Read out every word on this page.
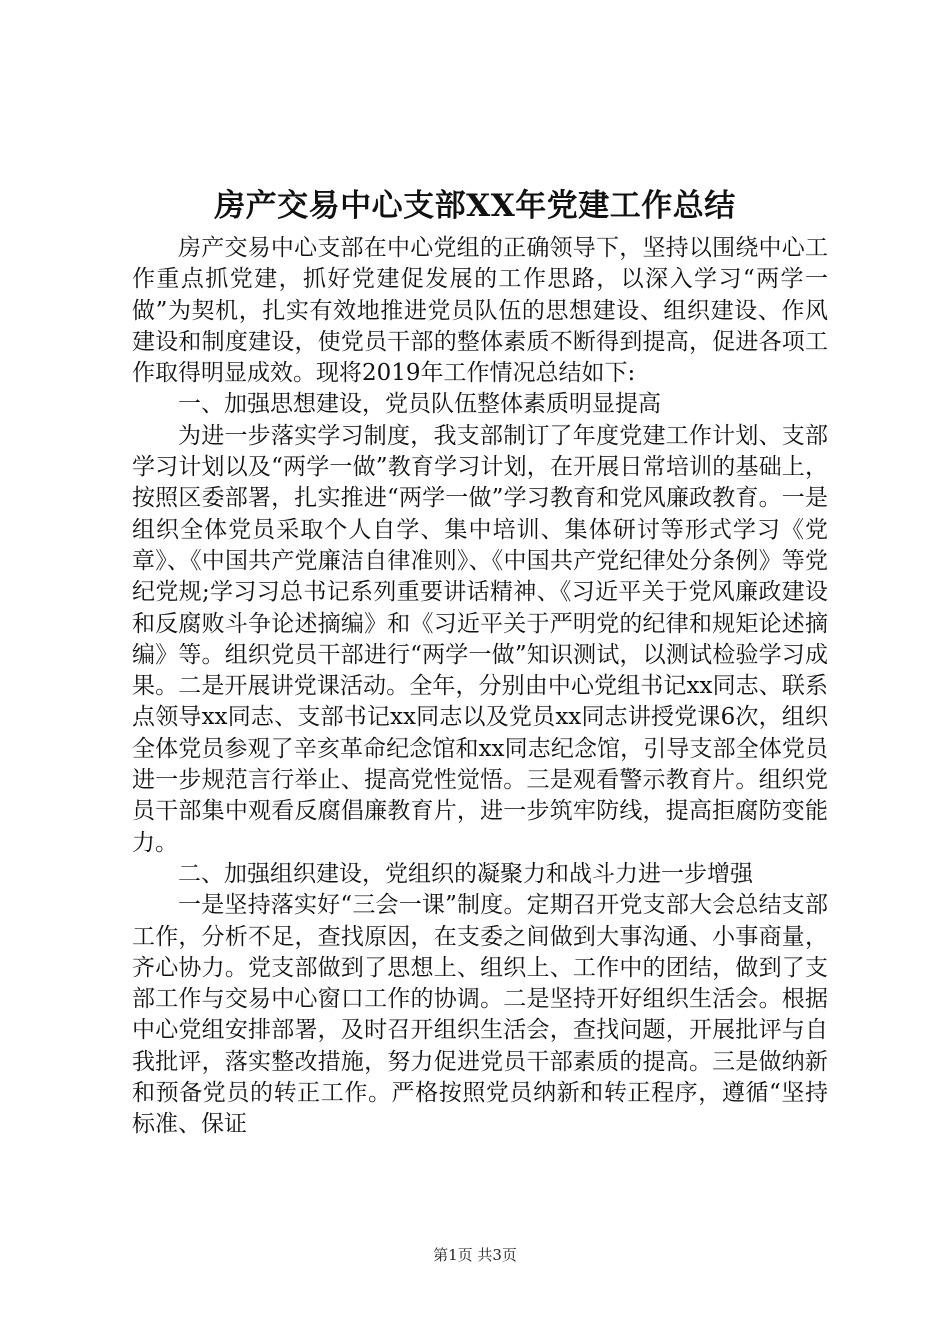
房产交易中心支部XX年党建工作总结

房产交易中心支部在中心党组的正确领导下，坚持以围绕中心工作重点抓党建，抓好党建促发展的工作思路，以深入学习“两学一做”为契机，扎实有效地推进党员队伍的思想建设、组织建设、作风建设和制度建设，使党员干部的整体素质不断得到提高，促进各项工作取得明显成效。现将2019年工作情况总结如下:

一、加强思想建设，党员队伍整体素质明显提高

为进一步落实学习制度，我支部制订了年度党建工作计划、支部学习计划以及“两学一做”教育学习计划，在开展日常培训的基础上，按照区委部署，扎实推进“两学一做”学习教育和党风廉政教育。一是组织全体党员采取个人自学、集中培训、集体研讨等形式学习《党章》、《中国共产党廉洁自律准则》、《中国共产党纪律处分条例》等党纪党规;学习习总书记系列重要讲话精神、《习近平关于党风廉政建设和反腐败斗争论述摘编》和《习近平关于严明党的纪律和规矩论述摘编》等。组织党员干部进行“两学一做”知识测试，以测试检验学习成果。二是开展讲党课活动。全年，分别由中心党组书记xx同志、联系点领导xx同志、支部书记xx同志以及党员xx同志讲授党课6次，组织全体党员参观了辛亥革命纪念馆和xx同志纪念馆，引导支部全体党员进一步规范言行举止、提高党性觉悟。三是观看警示教育片。组织党员干部集中观看反腐倡廉教育片，进一步筑牢防线，提高拒腐防变能力。

二、加强组织建设，党组织的凝聚力和战斗力进一步增强

一是坚持落实好“三会一课”制度。定期召开党支部大会总结支部工作，分析不足，查找原因，在支委之间做到大事沟通、小事商量，齐心协力。党支部做到了思想上、组织上、工作中的团结，做到了支部工作与交易中心窗口工作的协调。二是坚持开好组织生活会。根据中心党组安排部署，及时召开组织生活会，查找问题，开展批评与自我批评，落实整改措施，努力促进党员干部素质的提高。三是做纳新和预备党员的转正工作。严格按照党员纳新和转正程序，遵循“坚持标准、保证

第1页 共3页
